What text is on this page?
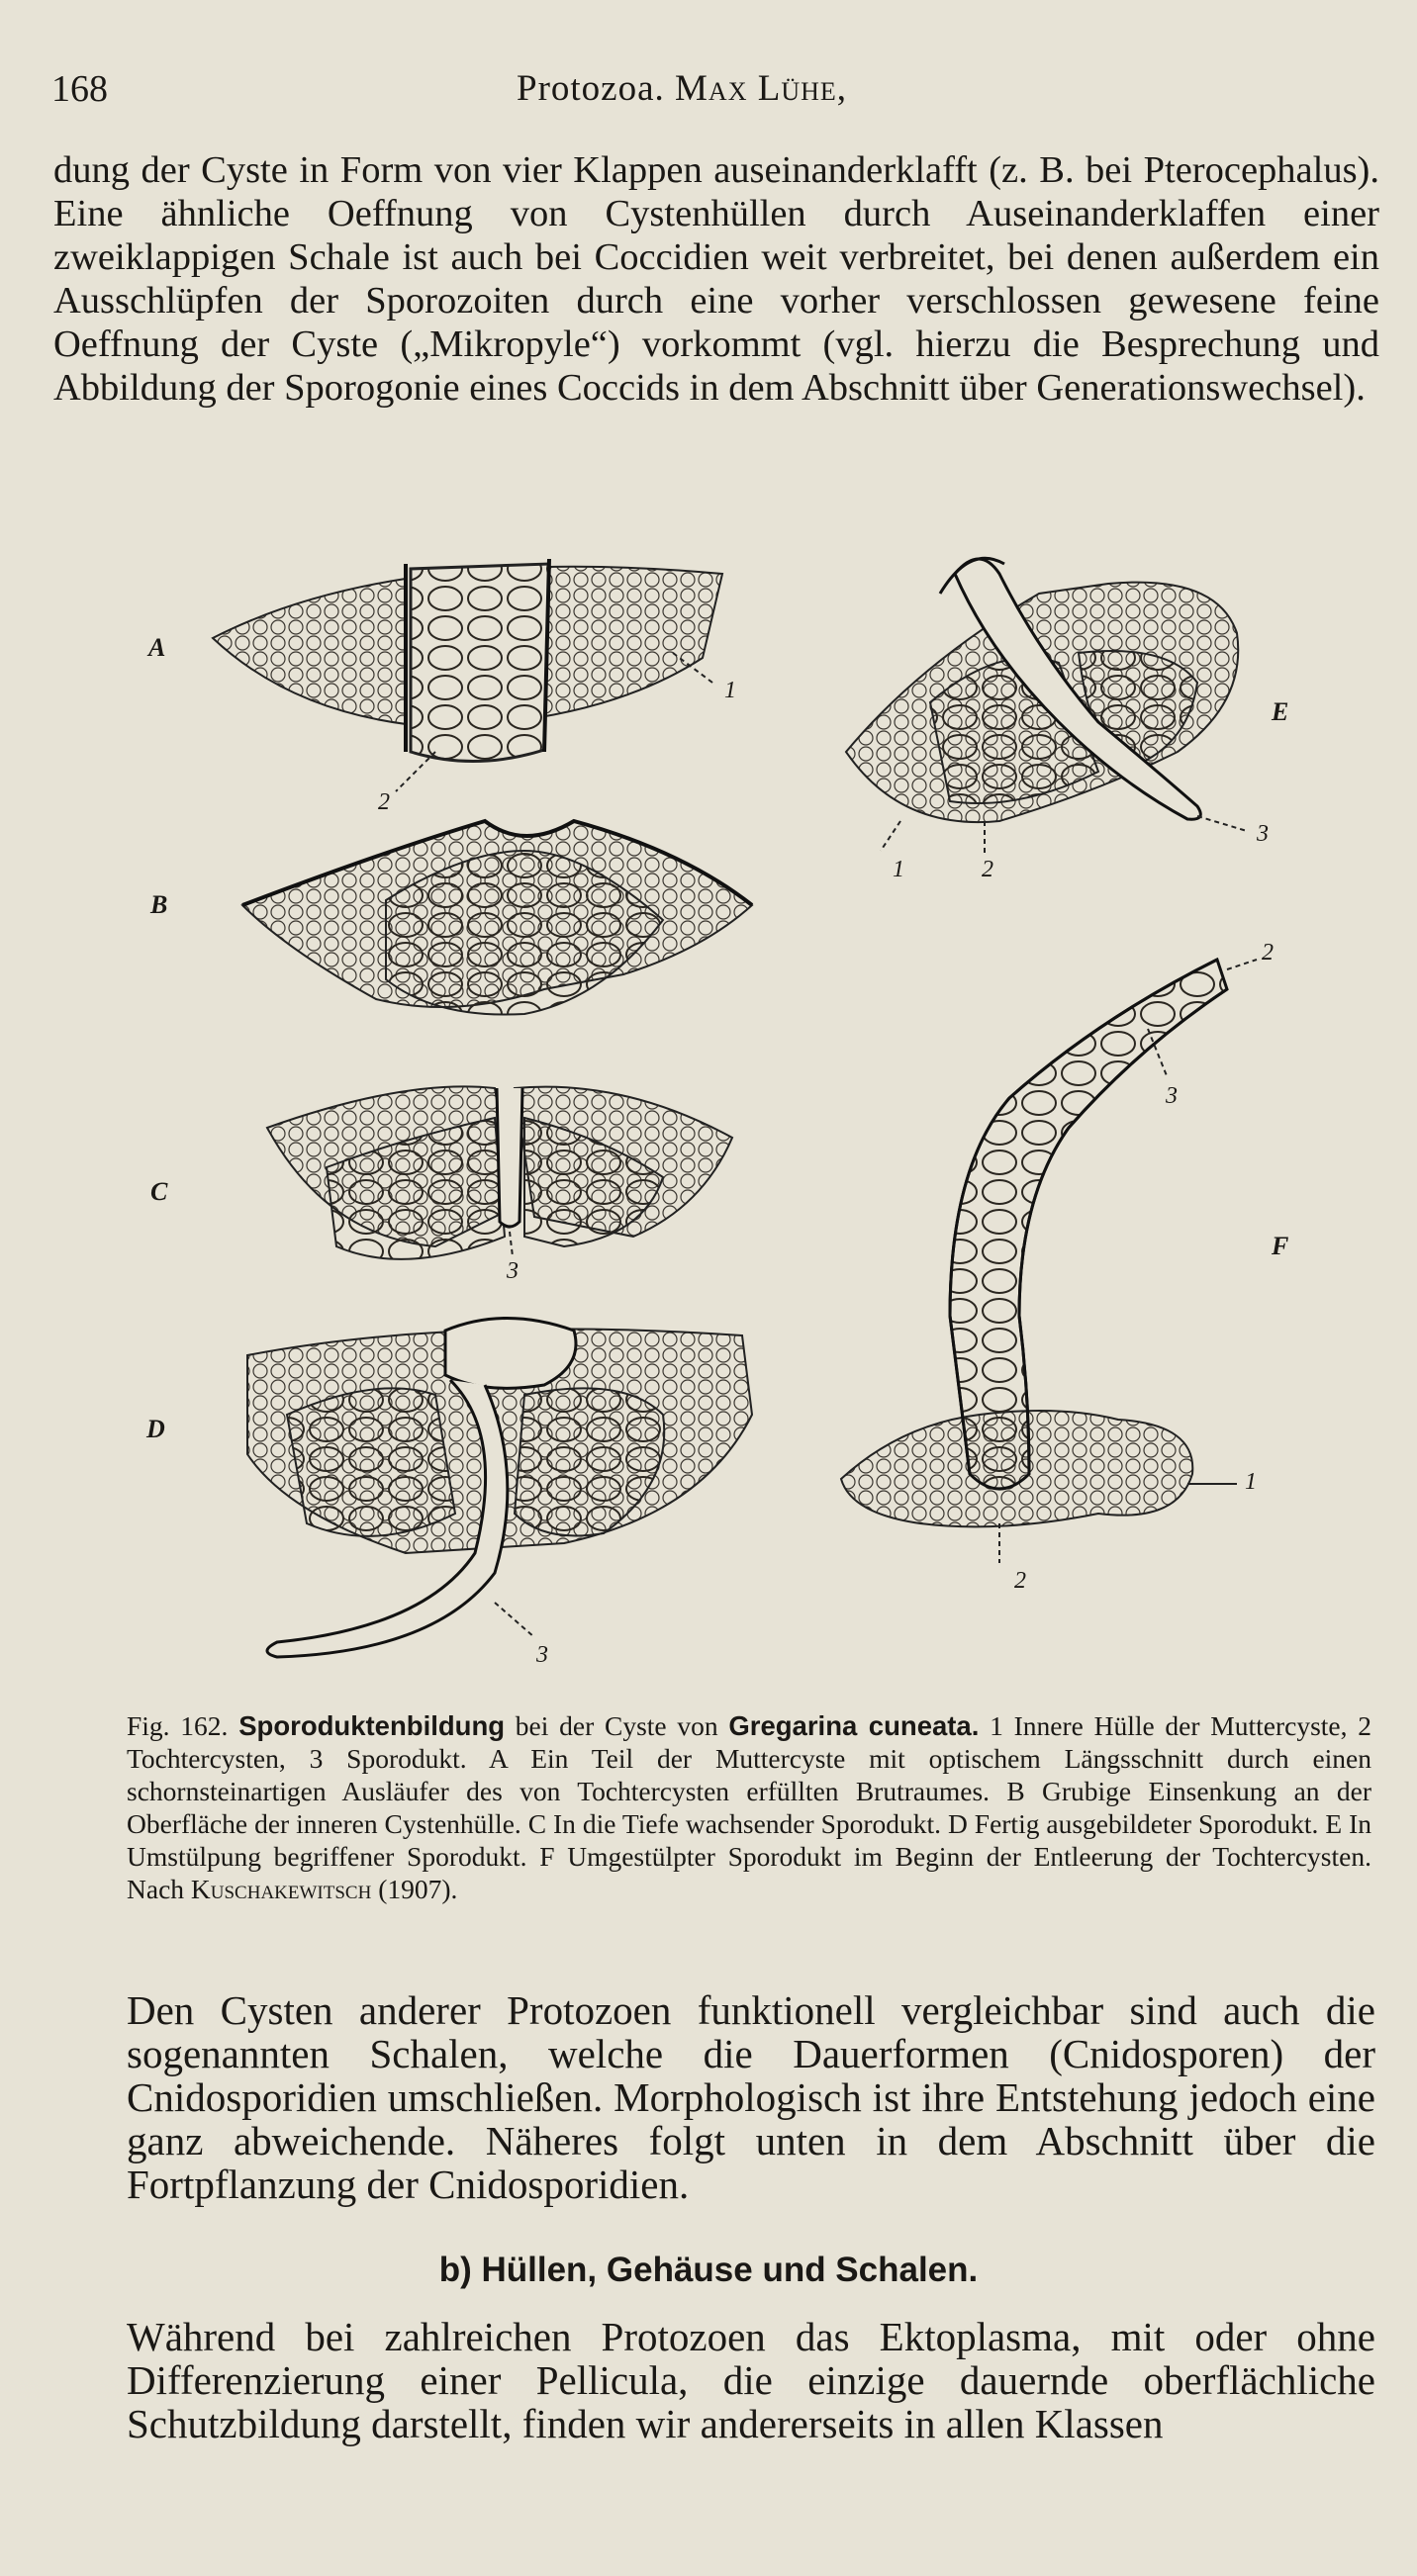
168	Protozoa. Max Lühe,

dung der Cyste in Form von vier Klappen auseinanderklafft (z. B. bei Pterocephalus). Eine ähnliche Oeffnung von Cystenhüllen durch Auseinanderklaffen einer zweiklappigen Schale ist auch bei Coccidien weit verbreitet, bei denen außerdem ein Ausschlüpfen der Sporozoiten durch eine vorher verschlossen gewesene feine Oeffnung der Cyste („Mikropyle“) vorkommt (vgl. hierzu die Besprechung und Abbildung der Sporogonie eines Coccids in dem Abschnitt über Generationswechsel).

A
B
C
D
E
F
1
2
3
3
1	2
3
2
3
1
2

Fig. 162. Sporoduktenbildung bei der Cyste von Gregarina cuneata. 1 Innere Hülle der Muttercyste, 2 Tochtercysten, 3 Sporodukt. A Ein Teil der Muttercyste mit optischem Längsschnitt durch einen schornsteinartigen Ausläufer des von Tochtercysten erfüllten Brutraumes. B Grubige Einsenkung an der Oberfläche der inneren Cystenhülle. C In die Tiefe wachsender Sporodukt. D Fertig ausgebildeter Sporodukt. E In Umstülpung begriffener Sporodukt. F Umgestülpter Sporodukt im Beginn der Entleerung der Tochtercysten. Nach Kuschakewitsch (1907).

Den Cysten anderer Protozoen funktionell vergleichbar sind auch die sogenannten Schalen, welche die Dauerformen (Cnidosporen) der Cnidosporidien umschließen. Morphologisch ist ihre Entstehung jedoch eine ganz abweichende. Näheres folgt unten in dem Abschnitt über die Fortpflanzung der Cnidosporidien.

b) Hüllen, Gehäuse und Schalen.

Während bei zahlreichen Protozoen das Ektoplasma, mit oder ohne Differenzierung einer Pellicula, die einzige dauernde oberflächliche Schutzbildung darstellt, finden wir andererseits in allen Klassen
